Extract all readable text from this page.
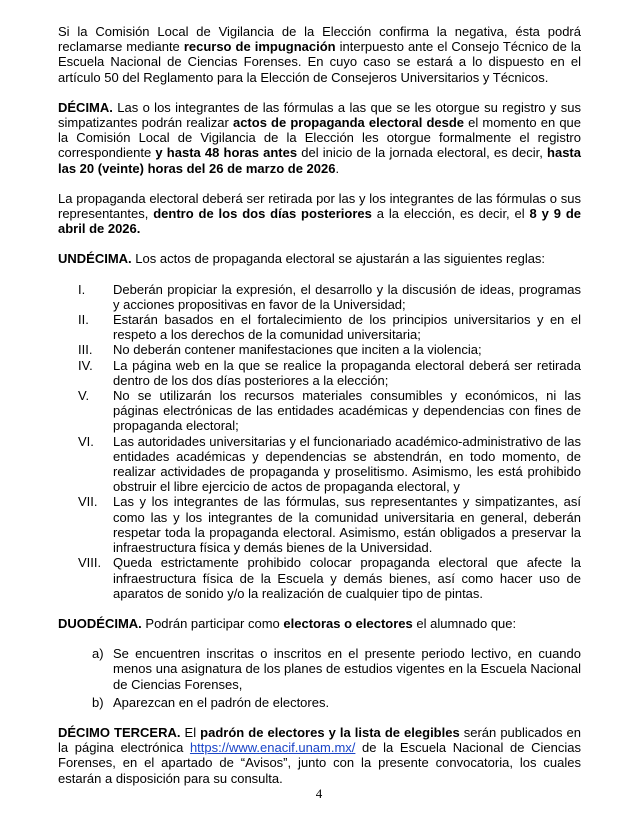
Si la Comisión Local de Vigilancia de la Elección confirma la negativa, ésta podrá reclamarse mediante recurso de impugnación interpuesto ante el Consejo Técnico de la Escuela Nacional de Ciencias Forenses. En cuyo caso se estará a lo dispuesto en el artículo 50 del Reglamento para la Elección de Consejeros Universitarios y Técnicos.

DÉCIMA. Las o los integrantes de las fórmulas a las que se les otorgue su registro y sus simpatizantes podrán realizar actos de propaganda electoral desde el momento en que la Comisión Local de Vigilancia de la Elección les otorgue formalmente el registro correspondiente y hasta 48 horas antes del inicio de la jornada electoral, es decir, hasta las 20 (veinte) horas del 26 de marzo de 2026.

La propaganda electoral deberá ser retirada por las y los integrantes de las fórmulas o sus representantes, dentro de los dos días posteriores a la elección, es decir, el 8 y 9 de abril de 2026.

UNDÉCIMA. Los actos de propaganda electoral se ajustarán a las siguientes reglas:

I.	Deberán propiciar la expresión, el desarrollo y la discusión de ideas, programas y acciones propositivas en favor de la Universidad;
II.	Estarán basados en el fortalecimiento de los principios universitarios y en el respeto a los derechos de la comunidad universitaria;
III.	No deberán contener manifestaciones que inciten a la violencia;
IV.	La página web en la que se realice la propaganda electoral deberá ser retirada dentro de los dos días posteriores a la elección;
V.	No se utilizarán los recursos materiales consumibles y económicos, ni las páginas electrónicas de las entidades académicas y dependencias con fines de propaganda electoral;
VI.	Las autoridades universitarias y el funcionariado académico-administrativo de las entidades académicas y dependencias se abstendrán, en todo momento, de realizar actividades de propaganda y proselitismo. Asimismo, les está prohibido obstruir el libre ejercicio de actos de propaganda electoral, y
VII.	Las y los integrantes de las fórmulas, sus representantes y simpatizantes, así como las y los integrantes de la comunidad universitaria en general, deberán respetar toda la propaganda electoral. Asimismo, están obligados a preservar la infraestructura física y demás bienes de la Universidad.
VIII. Queda estrictamente prohibido colocar propaganda electoral que afecte la infraestructura física de la Escuela y demás bienes, así como hacer uso de aparatos de sonido y/o la realización de cualquier tipo de pintas.

DUODÉCIMA. Podrán participar como electoras o electores el alumnado que:

a) Se encuentren inscritas o inscritos en el presente periodo lectivo, en cuando menos una asignatura de los planes de estudios vigentes en la Escuela Nacional de Ciencias Forenses,
b) Aparezcan en el padrón de electores.

DÉCIMO TERCERA. El padrón de electores y la lista de elegibles serán publicados en la página electrónica https://www.enacif.unam.mx/ de la Escuela Nacional de Ciencias Forenses, en el apartado de “Avisos”, junto con la presente convocatoria, los cuales estarán a disposición para su consulta.

4
